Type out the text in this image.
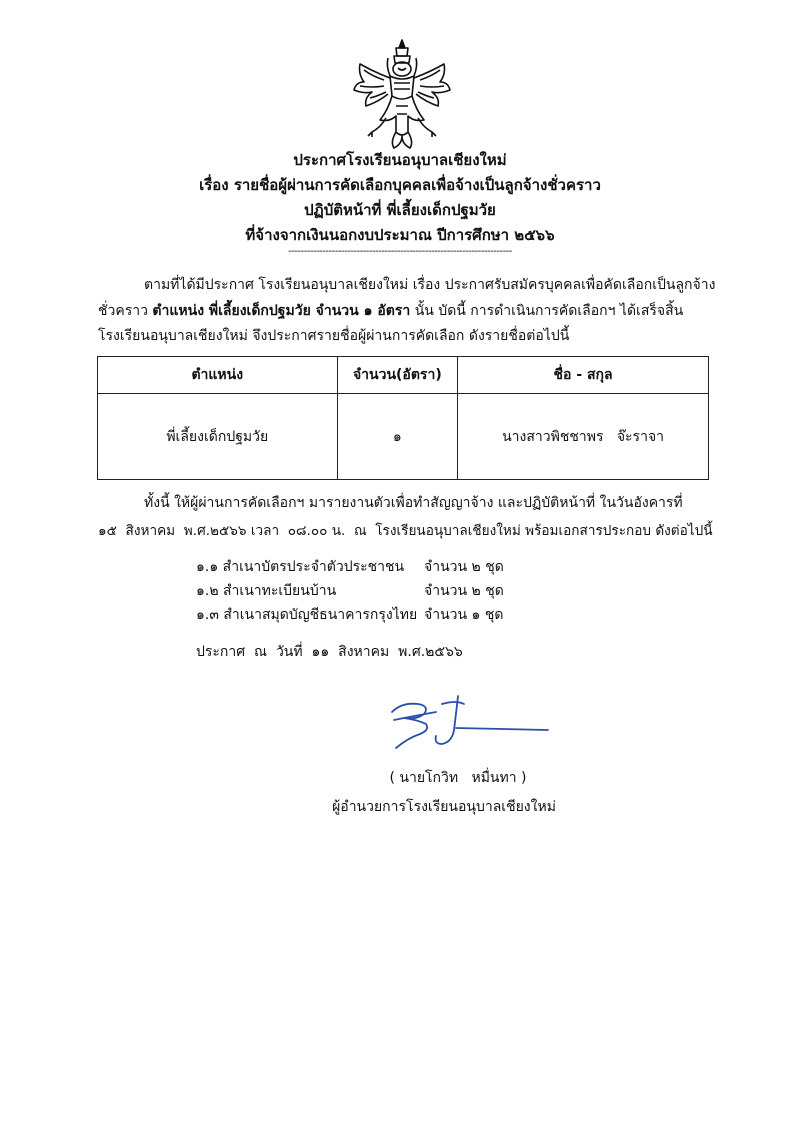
ประกาศโรงเรียนอนุบาลเชียงใหม่
เรื่อง รายชื่อผู้ผ่านการคัดเลือกบุคคลเพื่อจ้างเป็นลูกจ้างชั่วคราว
ปฏิบัติหน้าที่ พี่เลี้ยงเด็กปฐมวัย
ที่จ้างจากเงินนอกงบประมาณ ปีการศึกษา ๒๕๖๖
------------------------------------------------------------------------
ตามที่ได้มีประกาศ โรงเรียนอนุบาลเชียงใหม่ เรื่อง ประกาศรับสมัครบุคคลเพื่อคัดเลือกเป็นลูกจ้าง
ชั่วคราว ตำแหน่ง พี่เลี้ยงเด็กปฐมวัย จำนวน ๑ อัตรา นั้น บัดนี้ การดำเนินการคัดเลือกฯ ได้เสร็จสิ้น
โรงเรียนอนุบาลเชียงใหม่ จึงประกาศรายชื่อผู้ผ่านการคัดเลือก ดังรายชื่อต่อไปนี้
ตำแหน่ง	จำนวน(อัตรา)	ชื่อ - สกุล
พี่เลี้ยงเด็กปฐมวัย	๑	นางสาวพิชชาพร   จ๊ะราจา
ทั้งนี้ ให้ผู้ผ่านการคัดเลือกฯ มารายงานตัวเพื่อทำสัญญาจ้าง และปฏิบัติหน้าที่ ในวันอังคารที่
๑๕  สิงหาคม  พ.ศ.๒๕๖๖ เวลา  ๐๘.๐๐ น.  ณ  โรงเรียนอนุบาลเชียงใหม่ พร้อมเอกสารประกอบ ดังต่อไปนี้
๑.๑ สำเนาบัตรประจำตัวประชาชน จำนวน ๒ ชุด
๑.๒ สำเนาทะเบียนบ้าน	จำนวน ๒ ชุด
๑.๓ สำเนาสมุดบัญชีธนาคารกรุงไทย จำนวน ๑ ชุด
ประกาศ  ณ  วันที่  ๑๑  สิงหาคม  พ.ศ.๒๕๖๖
( นายโกวิท   หมื่นทา )
ผู้อำนวยการโรงเรียนอนุบาลเชียงใหม่
